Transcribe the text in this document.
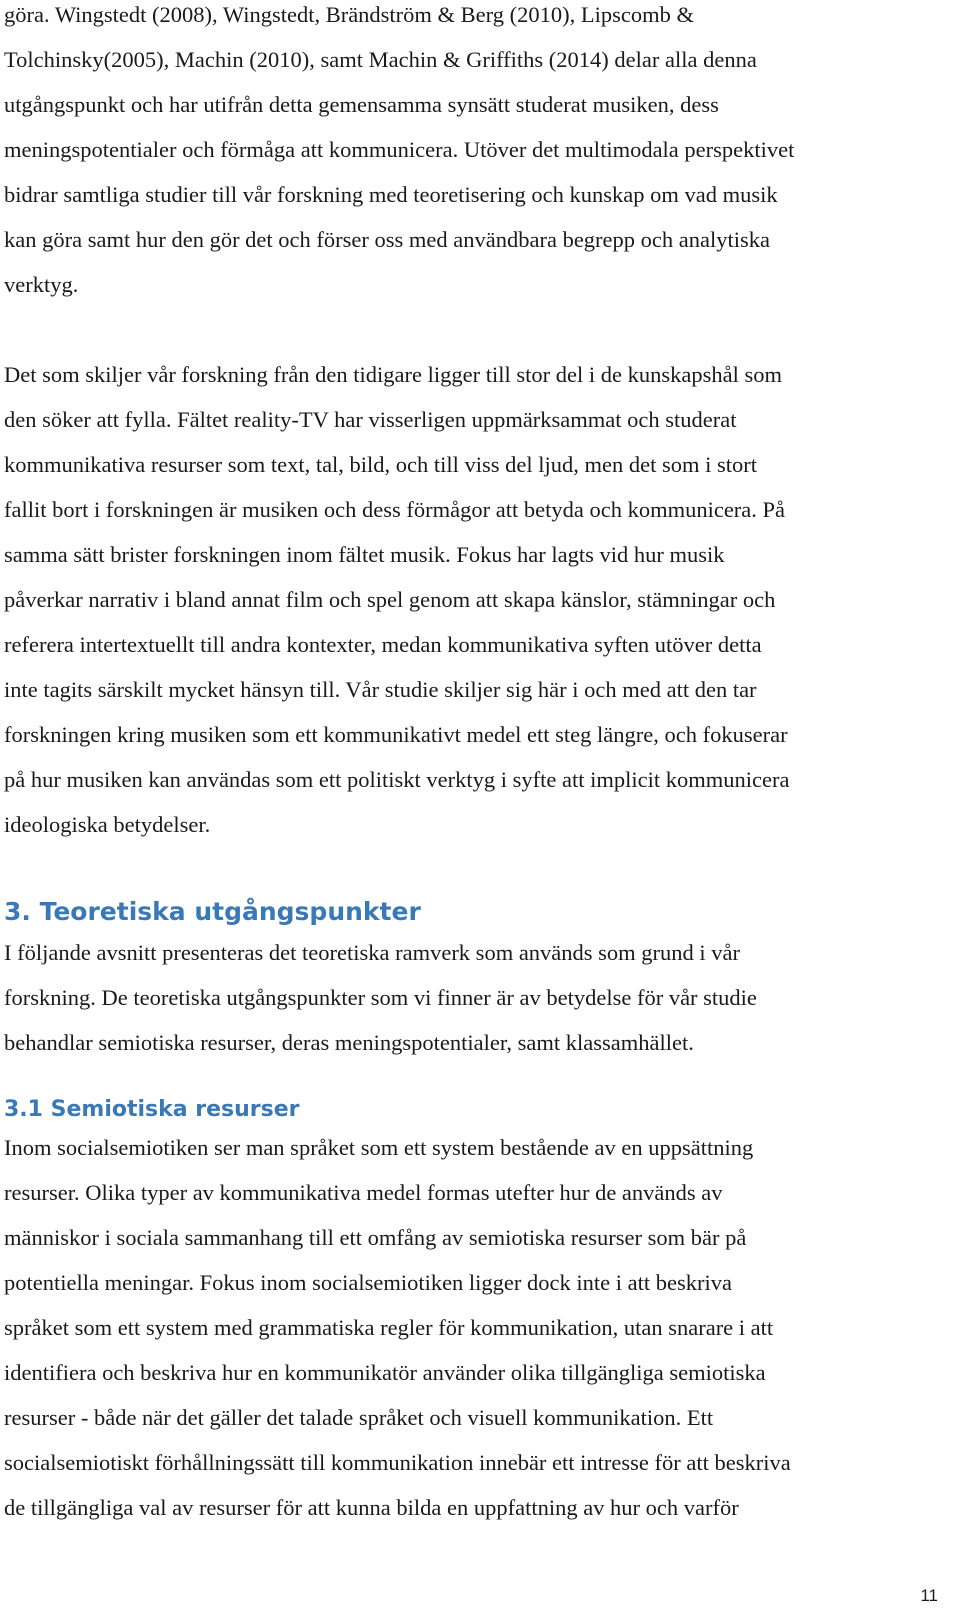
göra. Wingstedt (2008), Wingstedt, Brändström & Berg (2010), Lipscomb &
Tolchinsky(2005), Machin (2010), samt Machin & Griffiths (2014) delar alla denna
utgångspunkt och har utifrån detta gemensamma synsätt studerat musiken, dess
meningspotentialer och förmåga att kommunicera. Utöver det multimodala perspektivet
bidrar samtliga studier till vår forskning med teoretisering och kunskap om vad musik
kan göra samt hur den gör det och förser oss med användbara begrepp och analytiska
verktyg.
Det som skiljer vår forskning från den tidigare ligger till stor del i de kunskapshål som
den söker att fylla. Fältet reality-TV har visserligen uppmärksammat och studerat
kommunikativa resurser som text, tal, bild, och till viss del ljud, men det som i stort
fallit bort i forskningen är musiken och dess förmågor att betyda och kommunicera. På
samma sätt brister forskningen inom fältet musik. Fokus har lagts vid hur musik
påverkar narrativ i bland annat film och spel genom att skapa känslor, stämningar och
referera intertextuellt till andra kontexter, medan kommunikativa syften utöver detta
inte tagits särskilt mycket hänsyn till. Vår studie skiljer sig här i och med att den tar
forskningen kring musiken som ett kommunikativt medel ett steg längre, och fokuserar
på hur musiken kan användas som ett politiskt verktyg i syfte att implicit kommunicera
ideologiska betydelser.
3. Teoretiska utgångspunkter
I följande avsnitt presenteras det teoretiska ramverk som används som grund i vår
forskning. De teoretiska utgångspunkter som vi finner är av betydelse för vår studie
behandlar semiotiska resurser, deras meningspotentialer, samt klassamhället.
3.1 Semiotiska resurser
Inom socialsemiotiken ser man språket som ett system bestående av en uppsättning
resurser. Olika typer av kommunikativa medel formas utefter hur de används av
människor i sociala sammanhang till ett omfång av semiotiska resurser som bär på
potentiella meningar. Fokus inom socialsemiotiken ligger dock inte i att beskriva
språket som ett system med grammatiska regler för kommunikation, utan snarare i att
identifiera och beskriva hur en kommunikatör använder olika tillgängliga semiotiska
resurser - både när det gäller det talade språket och visuell kommunikation. Ett
socialsemiotiskt förhållningssätt till kommunikation innebär ett intresse för att beskriva
de tillgängliga val av resurser för att kunna bilda en uppfattning av hur och varför
11
